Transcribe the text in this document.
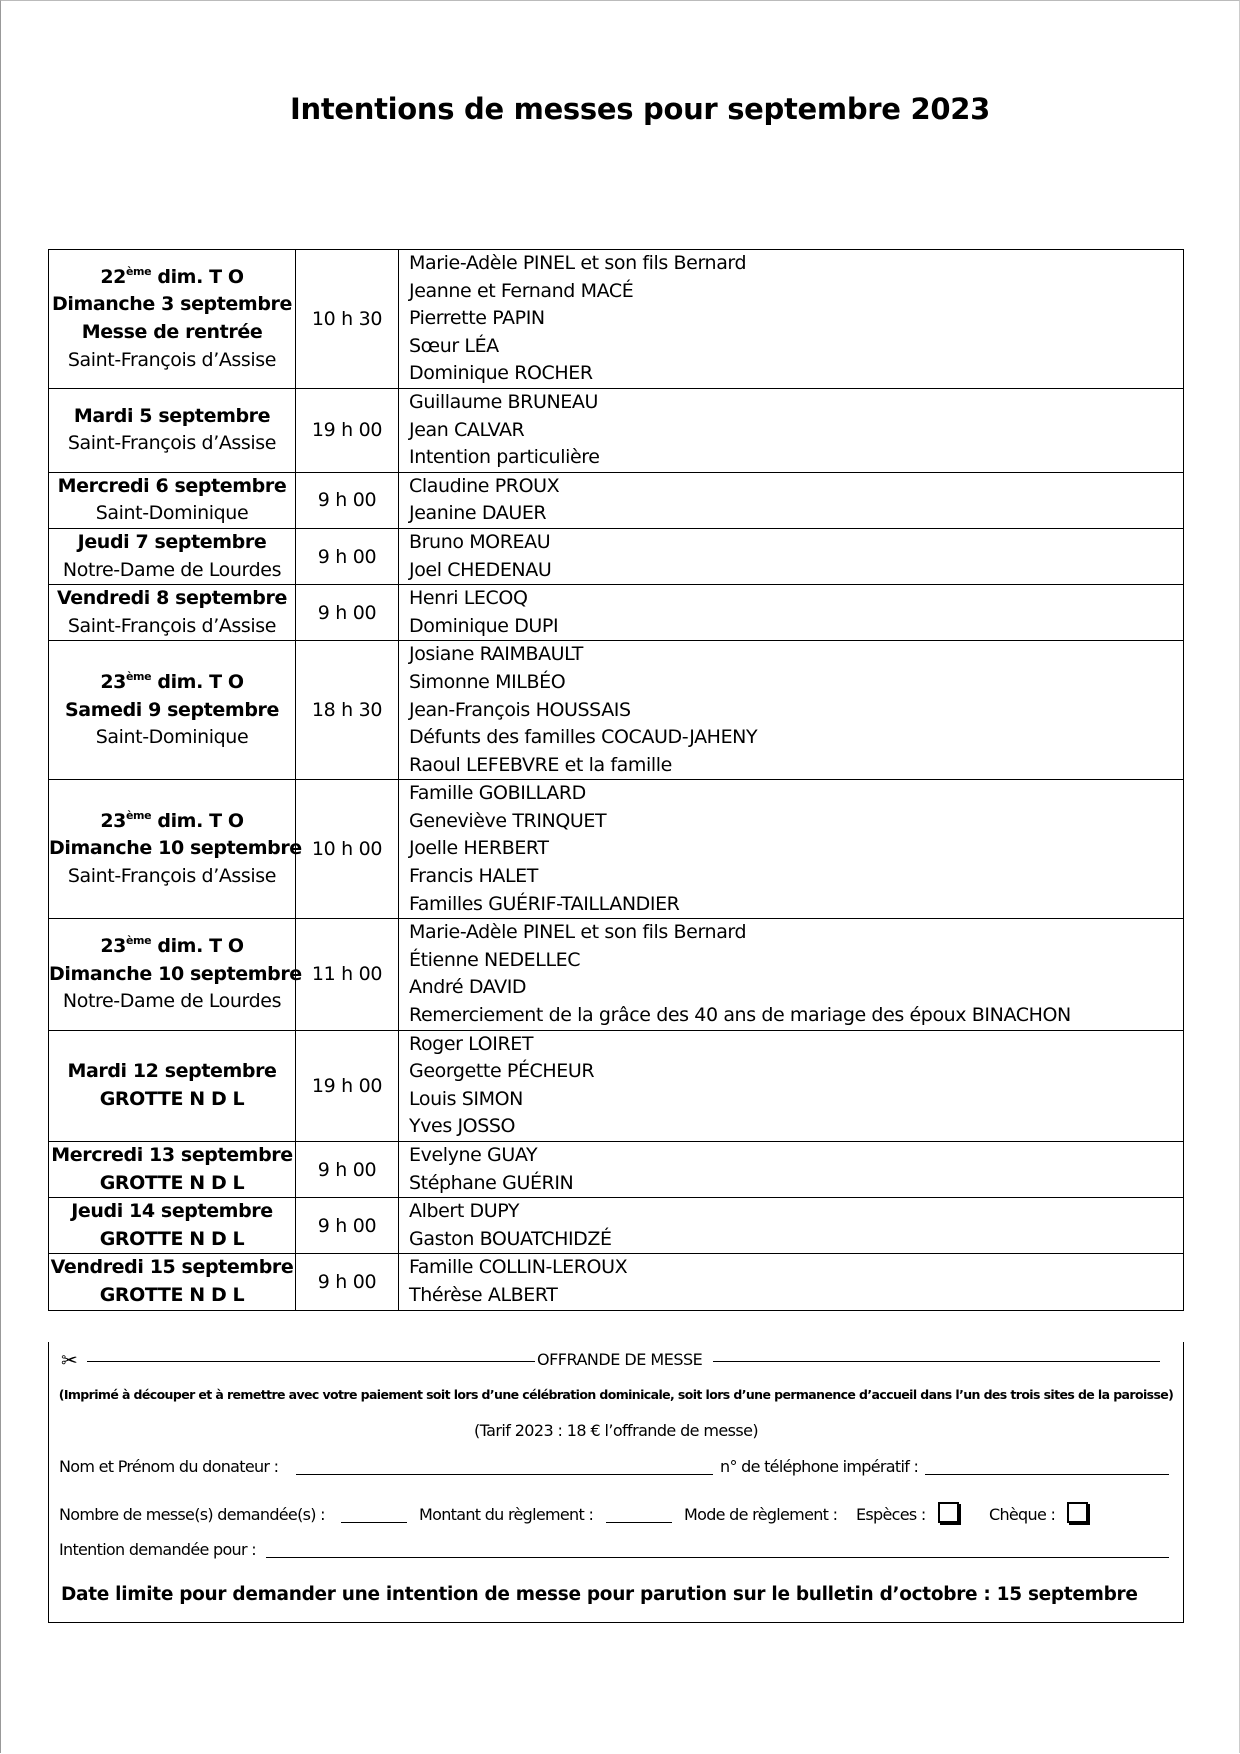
Intentions de messes pour septembre 2023
22ème dim. T O
Dimanche 3 septembre
Messe de rentrée
Saint-François d’Assise	10 h 30	Marie-Adèle PINEL et son fils Bernard
Jeanne et Fernand MACÉ
Pierrette PAPIN
Sœur LÉA
Dominique ROCHER

Mardi 5 septembre
Saint-François d’Assise	19 h 00	Guillaume BRUNEAU
Jean CALVAR
Intention particulière

Mercredi 6 septembre
Saint-Dominique	9 h 00	Claudine PROUX
Jeanine DAUER

Jeudi 7 septembre
Notre-Dame de Lourdes	9 h 00	Bruno MOREAU
Joel CHEDENAU

Vendredi 8 septembre
Saint-François d’Assise	9 h 00	Henri LECOQ
Dominique DUPI

23ème dim. T O
Samedi 9 septembre
Saint-Dominique	18 h 30	Josiane RAIMBAULT
Simonne MILBÉO
Jean-François HOUSSAIS
Défunts des familles COCAUD-JAHENY
Raoul LEFEBVRE et la famille

23ème dim. T O
Dimanche 10 septembre
Saint-François d’Assise	10 h 00	Famille GOBILLARD
Geneviève TRINQUET
Joelle HERBERT
Francis HALET
Familles GUÉRIF-TAILLANDIER

23ème dim. T O
Dimanche 10 septembre
Notre-Dame de Lourdes	11 h 00	Marie-Adèle PINEL et son fils Bernard
Étienne NEDELLEC
André DAVID
Remerciement de la grâce des 40 ans de mariage des époux BINACHON

Mardi 12 septembre
GROTTE N D L	19 h 00	Roger LOIRET
Georgette PÉCHEUR
Louis SIMON
Yves JOSSO

Mercredi 13 septembre
GROTTE N D L	9 h 00	Evelyne GUAY
Stéphane GUÉRIN

Jeudi 14 septembre
GROTTE N D L	9 h 00	Albert DUPY
Gaston BOUATCHIDZÉ

Vendredi 15 septembre
GROTTE N D L	9 h 00	Famille COLLIN-LEROUX
Thérèse ALBERT
✂	OFFRANDE DE MESSE
(Imprimé à découper et à remettre avec votre paiement soit lors d’une célébration dominicale, soit lors d’une permanence d’accueil dans l’un des trois sites de la paroisse)
(Tarif 2023 : 18 € l’offrande de messe)
Nom et Prénom du donateur :	n° de téléphone impératif :
Nombre de messe(s) demandée(s) :	Montant du règlement :	Mode de règlement : Espèces :	Chèque :
Intention demandée pour :
Date limite pour demander une intention de messe pour parution sur le bulletin d’octobre : 15 septembre
